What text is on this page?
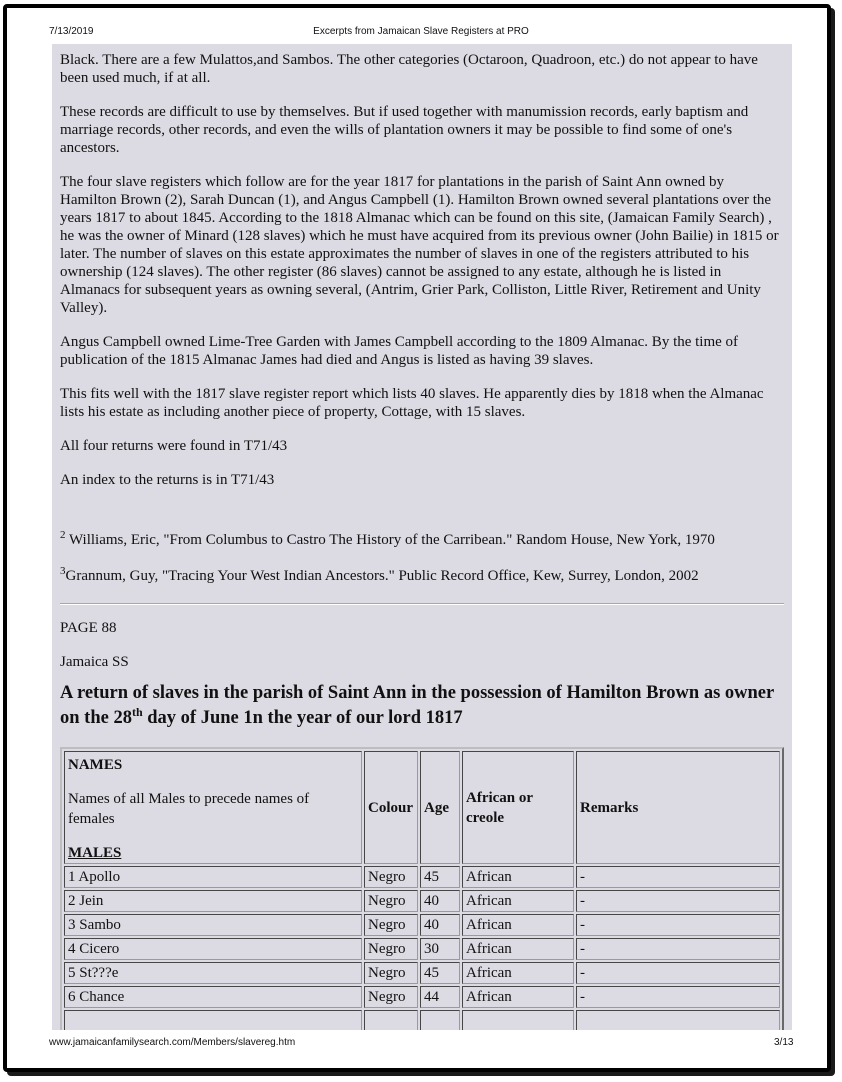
7/13/2019	Excerpts from Jamaican Slave Registers at PRO

Black. There are a few Mulattos,and Sambos. The other categories (Octaroon, Quadroon, etc.) do not appear to have been used much, if at all.

These records are difficult to use by themselves. But if used together with manumission records, early baptism and marriage records, other records, and even the wills of plantation owners it may be possible to find some of one's ancestors.

The four slave registers which follow are for the year 1817 for plantations in the parish of Saint Ann owned by Hamilton Brown (2), Sarah Duncan (1), and Angus Campbell (1). Hamilton Brown owned several plantations over the years 1817 to about 1845. According to the 1818 Almanac which can be found on this site, (Jamaican Family Search) , he was the owner of Minard (128 slaves) which he must have acquired from its previous owner (John Bailie) in 1815 or later. The number of slaves on this estate approximates the number of slaves in one of the registers attributed to his ownership (124 slaves). The other register (86 slaves) cannot be assigned to any estate, although he is listed in Almanacs for subsequent years as owning several, (Antrim, Grier Park, Colliston, Little River, Retirement and Unity Valley).

Angus Campbell owned Lime-Tree Garden with James Campbell according to the 1809 Almanac. By the time of publication of the 1815 Almanac James had died and Angus is listed as having 39 slaves.

This fits well with the 1817 slave register report which lists 40 slaves. He apparently dies by 1818 when the Almanac lists his estate as including another piece of property, Cottage, with 15 slaves.

All four returns were found in T71/43

An index to the returns is in T71/43

$^2$ Williams, Eric, "From Columbus to Castro The History of the Carribean." Random House, New York, 1970

$^3$Grannum, Guy, "Tracing Your West Indian Ancestors." Public Record Office, Kew, Surrey, London, 2002

PAGE 88

Jamaica SS

A return of slaves in the parish of Saint Ann in the possession of Hamilton Brown as owner on the 28th day of June 1n the year of our lord 1817
NAMES
Names of all Males to precede names of females
MALES	Colour	Age	African or creole	Remarks
1 Apollo	Negro	45	African	-
2 Jein	Negro	40	African	-
3 Sambo	Negro	40	African	-
4 Cicero	Negro	30	African	-
5 St???e	Negro	45	African	-
6 Chance	Negro	44	African	-

www.jamaicanfamilysearch.com/Members/slavereg.htm	3/13
